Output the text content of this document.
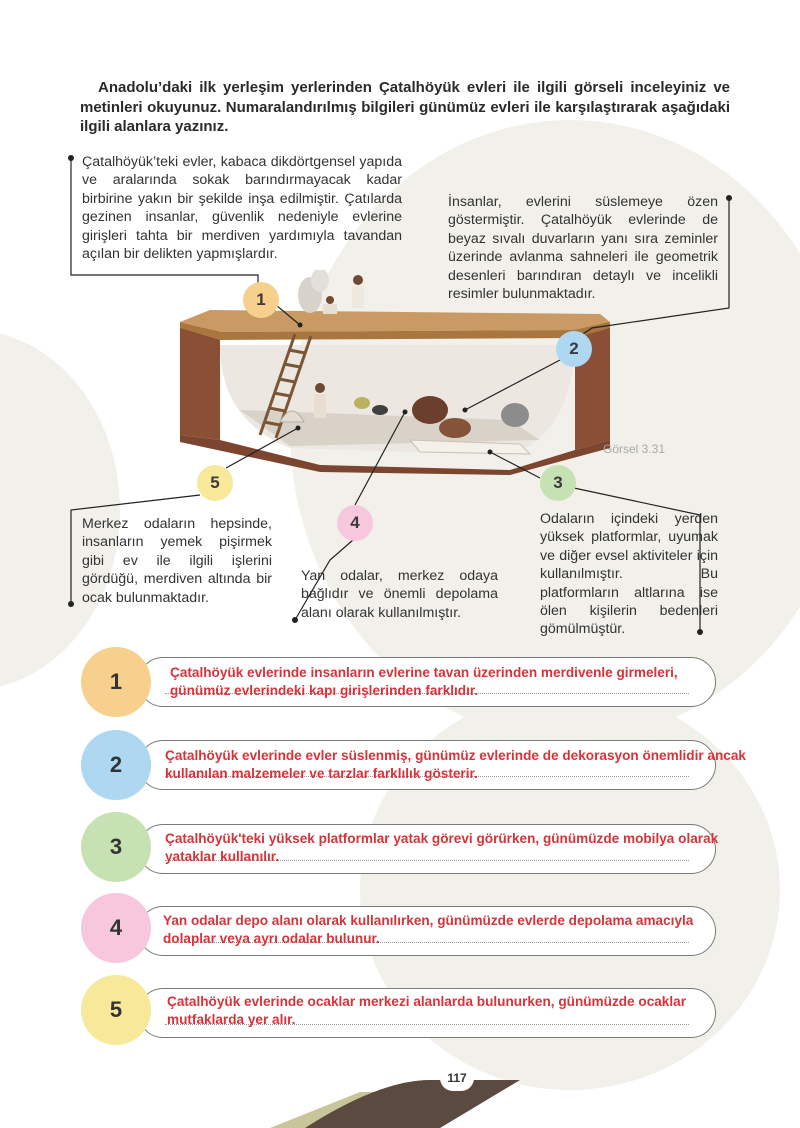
Anadolu’daki ilk yerleşim yerlerinden Çatalhöyük evleri ile ilgili görseli inceleyiniz ve metinleri okuyunuz. Numaralandırılmış bilgileri günümüz evleri ile karşılaştırarak aşağıdaki ilgili alanlara yazınız.
Çatalhöyük’teki evler, kabaca dikdörtgensel yapıda ve aralarında sokak barındırmayacak kadar birbirine yakın bir şekilde inşa edilmiştir. Çatılarda gezinen insanlar, güvenlik nedeniyle evlerine girişleri tahta bir merdiven yardımıyla tavandan açılan bir delikten yapmışlardır.
İnsanlar, evlerini süslemeye özen göstermiştir. Çatalhöyük evlerinde de beyaz sıvalı duvarların yanı sıra zeminler üzerinde avlanma sahneleri ile geometrik desenleri barındıran detaylı ve incelikli resimler bulunmaktadır.
Odaların içindeki yerden yüksek platformlar, uyumak ve diğer evsel aktiviteler için kullanılmıştır. Bu platformların altlarına ise ölen kişilerin bedenleri gömülmüştür.
Yan odalar, merkez odaya bağlıdır ve önemli depolama alanı olarak kullanılmıştır.
Merkez odaların hepsinde, insanların yemek pişirmek gibi ev ile ilgili işlerini gördüğü, merdiven altında bir ocak bulunmaktadır.
Görsel 3.31
1
2
3
4
5
1	Çatalhöyük evlerinde insanların evlerine tavan üzerinden merdivenle girmeleri, günümüz evlerindeki kapı girişlerinden farklıdır.
2	Çatalhöyük evlerinde evler süslenmiş, günümüz evlerinde de dekorasyon önemlidir ancak kullanılan malzemeler ve tarzlar farklılık gösterir.
3	Çatalhöyük'teki yüksek platformlar yatak görevi görürken, günümüzde mobilya olarak yataklar kullanılır.
4	Yan odalar depo alanı olarak kullanılırken, günümüzde evlerde depolama amacıyla dolaplar veya ayrı odalar bulunur.
5	Çatalhöyük evlerinde ocaklar merkezi alanlarda bulunurken, günümüzde ocaklar mutfaklarda yer alır.
117
